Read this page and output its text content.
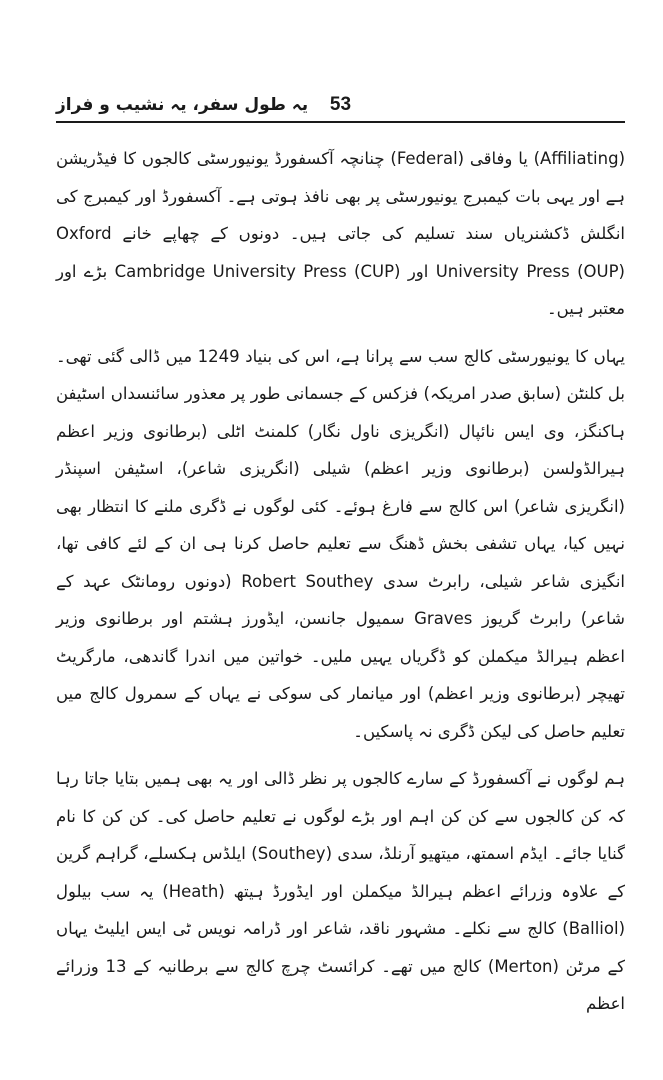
یہ طول سفر، یہ نشیب و فراز	53

(Affiliating) یا وفاقی (Federal) چنانچہ آکسفورڈ یونیورسٹی کالجوں کا فیڈریشن ہے اور یہی بات کیمبرج یونیورسٹی پر بھی نافذ ہوتی ہے۔ آکسفورڈ اور کیمبرج کی انگلش ڈکشنریاں سند تسلیم کی جاتی ہیں۔ دونوں کے چھاپے خانے Oxford University Press (OUP) اور Cambridge University Press (CUP) بڑے اور معتبر ہیں۔

یہاں کا یونیورسٹی کالج سب سے پرانا ہے، اس کی بنیاد 1249 میں ڈالی گئی تھی۔ بل کلنٹن (سابق صدر امریکہ) فزکس کے جسمانی طور پر معذور سائنسداں اسٹیفن ہاکنگز، وی ایس نائپال (انگریزی ناول نگار) کلمنٹ اٹلی (برطانوی وزیر اعظم ہیرالڈولسن (برطانوی وزیر اعظم) شیلی (انگریزی شاعر)، اسٹیفن اسپنڈر (انگریزی شاعر) اس کالج سے فارغ ہوئے۔ کئی لوگوں نے ڈگری ملنے کا انتظار بھی نہیں کیا، یہاں تشفی بخش ڈھنگ سے تعلیم حاصل کرنا ہی ان کے لئے کافی تھا، انگیزی شاعر شیلی، رابرٹ سدی Robert Southey (دونوں رومانٹک عہد کے شاعر) رابرٹ گریوز Graves سمیول جانسن، ایڈورز ہشتم اور برطانوی وزیر اعظم ہیرالڈ میکملن کو ڈگریاں یہیں ملیں۔ خواتین میں اندرا گاندھی، مارگریٹ تھیچر (برطانوی وزیر اعظم) اور میانمار کی سوکی نے یہاں کے سمرول کالج میں تعلیم حاصل کی لیکن ڈگری نہ پاسکیں۔

ہم لوگوں نے آکسفورڈ کے سارے کالجوں پر نظر ڈالی اور یہ بھی ہمیں بتایا جاتا رہا کہ کن کالجوں سے کن کن اہم اور بڑے لوگوں نے تعلیم حاصل کی۔ کن کن کا نام گنایا جائے۔ ایڈم اسمتھ، میتھیو آرنلڈ، سدی (Southey) ایلڈس ہکسلے، گراہم گرین کے علاوہ وزرائے اعظم ہیرالڈ میکملن اور ایڈورڈ ہیتھ (Heath) یہ سب بیلول (Balliol) کالج سے نکلے۔ مشہور ناقد، شاعر اور ڈرامہ نویس ٹی ایس ایلیٹ یہاں کے مرٹن (Merton) کالج میں تھے۔ کرائسٹ چرچ کالج سے برطانیہ کے 13 وزرائے اعظم
